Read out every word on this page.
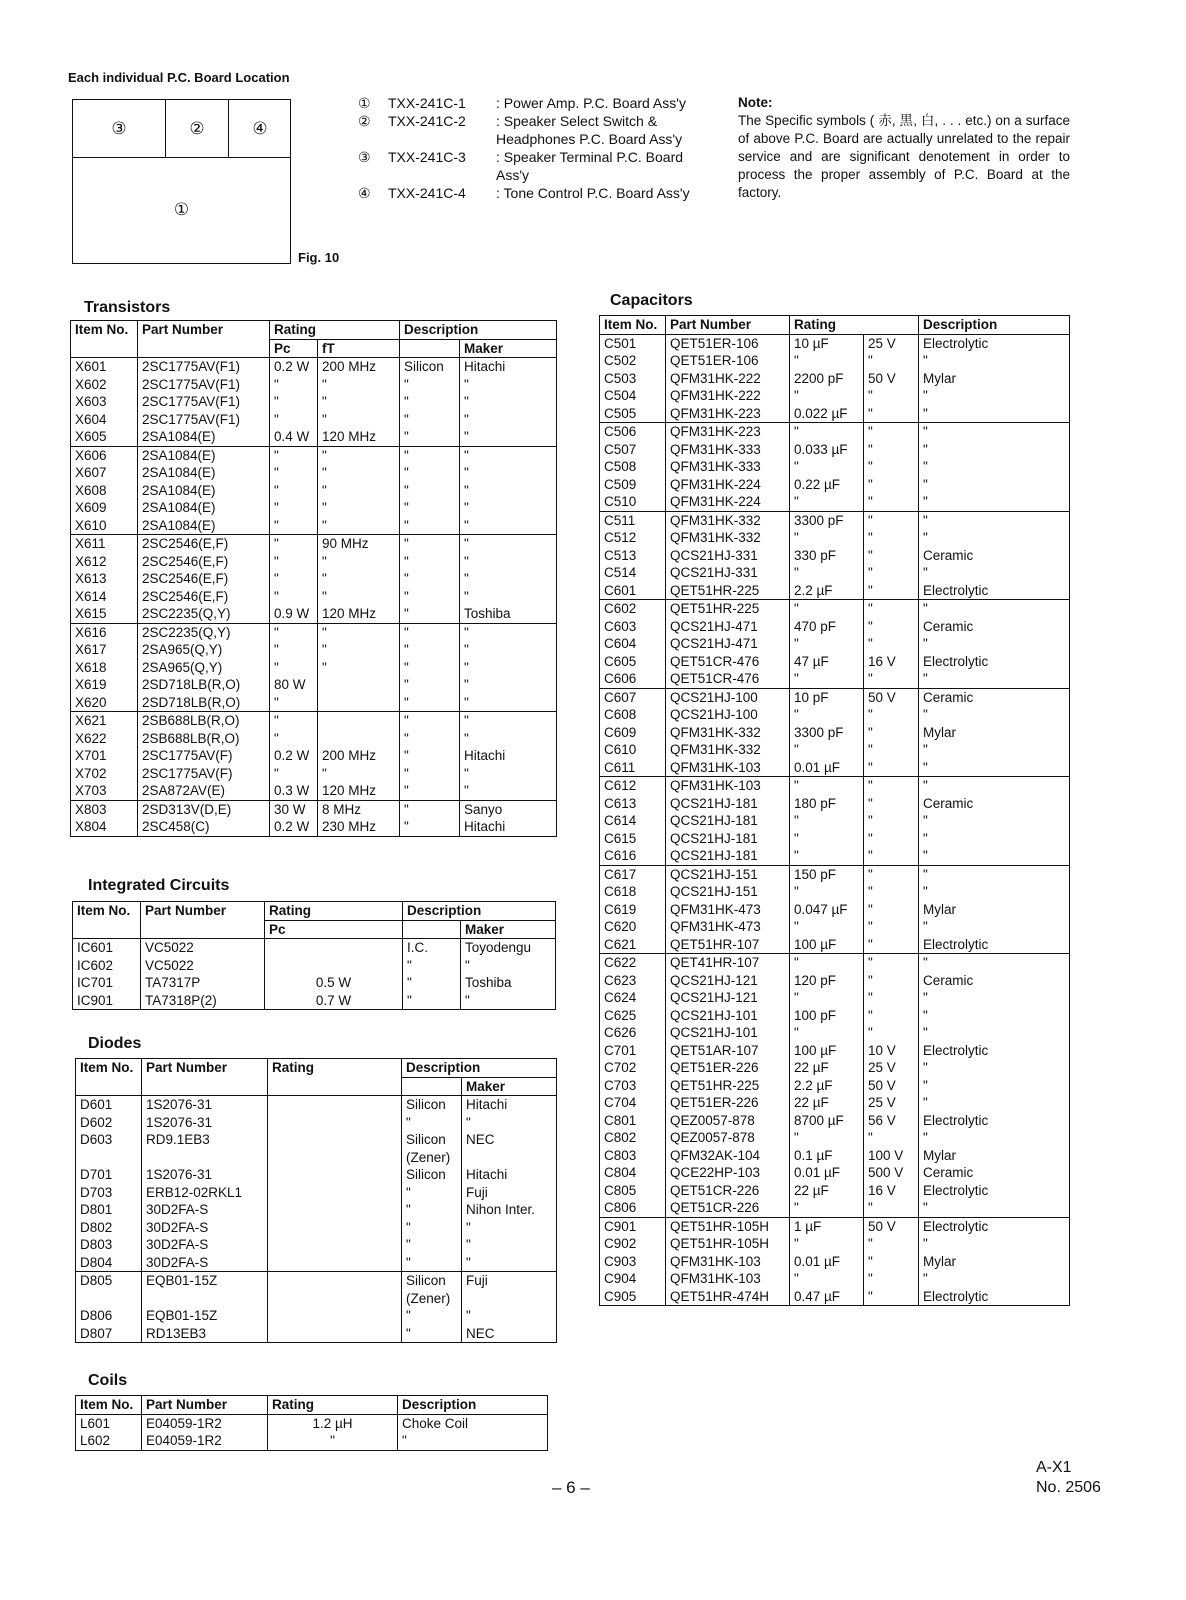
Each individual P.C. Board Location
③	②	④
①
Fig. 10
①	TXX-241C-1	: Power Amp. P.C. Board Ass'y
②	TXX-241C-2	: Speaker Select Switch & Headphones P.C. Board Ass'y
③	TXX-241C-3	: Speaker Terminal P.C. Board Ass'y
④	TXX-241C-4	: Tone Control P.C. Board Ass'y
Note:
The Specific symbols ( 赤, 黒, 白, . . . etc.) on a surface of above P.C. Board are actually unrelated to the repair service and are significant denotement in order to process the proper assembly of P.C. Board at the factory.
Transistors
Item No.	Part Number	Rating		Description	
		Pc	fT		Maker
X601	2SC1775AV(F1)	0.2 W	200 MHz	Silicon	Hitachi
X602	2SC1775AV(F1)	"	"	"	"
X603	2SC1775AV(F1)	"	"	"	"
X604	2SC1775AV(F1)	"	"	"	"
X605	2SA1084(E)	0.4 W	120 MHz	"	"
X606	2SA1084(E)	"	"	"	"
X607	2SA1084(E)	"	"	"	"
X608	2SA1084(E)	"	"	"	"
X609	2SA1084(E)	"	"	"	"
X610	2SA1084(E)	"	"	"	"
X611	2SC2546(E,F)	"	90 MHz	"	"
X612	2SC2546(E,F)	"	"	"	"
X613	2SC2546(E,F)	"	"	"	"
X614	2SC2546(E,F)	"	"	"	"
X615	2SC2235(Q,Y)	0.9 W	120 MHz	"	Toshiba
X616	2SC2235(Q,Y)	"	"	"	"
X617	2SA965(Q,Y)	"	"	"	"
X618	2SA965(Q,Y)	"	"	"	"
X619	2SD718LB(R,O)	80 W		"	"
X620	2SD718LB(R,O)	"		"	"
X621	2SB688LB(R,O)	"		"	"
X622	2SB688LB(R,O)	"		"	"
X701	2SC1775AV(F)	0.2 W	200 MHz	"	Hitachi
X702	2SC1775AV(F)	"	"	"	"
X703	2SA872AV(E)	0.3 W	120 MHz	"	"
X803	2SD313V(D,E)	30 W	8 MHz	"	Sanyo
X804	2SC458(C)	0.2 W	230 MHz	"	Hitachi
Integrated Circuits
Item No.	Part Number	Rating	Description	
		Pc		Maker
IC601	VC5022		I.C.	Toyodengu
IC602	VC5022		"	"
IC701	TA7317P	0.5 W	"	Toshiba
IC901	TA7318P(2)	0.7 W	"	"
Diodes
Item No.	Part Number	Rating	Description	
				Maker
D601	1S2076-31		Silicon	Hitachi
D602	1S2076-31		"	"
D603	RD9.1EB3		Silicon (Zener)	NEC
D701	1S2076-31		Silicon	Hitachi
D703	ERB12-02RKL1		"	Fuji
D801	30D2FA-S		"	Nihon Inter.
D802	30D2FA-S		"	"
D803	30D2FA-S		"	"
D804	30D2FA-S		"	"
D805	EQB01-15Z		Silicon (Zener)	Fuji
D806	EQB01-15Z		"	"
D807	RD13EB3		"	NEC
Coils
Item No.	Part Number	Rating	Description
L601	E04059-1R2	1.2 µH	Choke Coil
L602	E04059-1R2	"	"
Capacitors
Item No.	Part Number	Rating		Description
C501	QET51ER-106	10 µF	25 V	Electrolytic
C502	QET51ER-106	"	"	"
C503	QFM31HK-222	2200 pF	50 V	Mylar
C504	QFM31HK-222	"	"	"
C505	QFM31HK-223	0.022 µF	"	"
C506	QFM31HK-223	"	"	"
C507	QFM31HK-333	0.033 µF	"	"
C508	QFM31HK-333	"	"	"
C509	QFM31HK-224	0.22 µF	"	"
C510	QFM31HK-224	"	"	"
C511	QFM31HK-332	3300 pF	"	"
C512	QFM31HK-332	"	"	"
C513	QCS21HJ-331	330 pF	"	Ceramic
C514	QCS21HJ-331	"	"	"
C601	QET51HR-225	2.2 µF	"	Electrolytic
C602	QET51HR-225	"	"	"
C603	QCS21HJ-471	470 pF	"	Ceramic
C604	QCS21HJ-471	"	"	"
C605	QET51CR-476	47 µF	16 V	Electrolytic
C606	QET51CR-476	"	"	"
C607	QCS21HJ-100	10 pF	50 V	Ceramic
C608	QCS21HJ-100	"	"	"
C609	QFM31HK-332	3300 pF	"	Mylar
C610	QFM31HK-332	"	"	"
C611	QFM31HK-103	0.01 µF	"	"
C612	QFM31HK-103	"	"	"
C613	QCS21HJ-181	180 pF	"	Ceramic
C614	QCS21HJ-181	"	"	"
C615	QCS21HJ-181	"	"	"
C616	QCS21HJ-181	"	"	"
C617	QCS21HJ-151	150 pF	"	"
C618	QCS21HJ-151	"	"	"
C619	QFM31HK-473	0.047 µF	"	Mylar
C620	QFM31HK-473	"	"	"
C621	QET51HR-107	100 µF	"	Electrolytic
C622	QET41HR-107	"	"	"
C623	QCS21HJ-121	120 pF	"	Ceramic
C624	QCS21HJ-121	"	"	"
C625	QCS21HJ-101	100 pF	"	"
C626	QCS21HJ-101	"	"	"
C701	QET51AR-107	100 µF	10 V	Electrolytic
C702	QET51ER-226	22 µF	25 V	"
C703	QET51HR-225	2.2 µF	50 V	"
C704	QET51ER-226	22 µF	25 V	"
C801	QEZ0057-878	8700 µF	56 V	Electrolytic
C802	QEZ0057-878	"	"	"
C803	QFM32AK-104	0.1 µF	100 V	Mylar
C804	QCE22HP-103	0.01 µF	500 V	Ceramic
C805	QET51CR-226	22 µF	16 V	Electrolytic
C806	QET51CR-226	"	"	"
C901	QET51HR-105H	1 µF	50 V	Electrolytic
C902	QET51HR-105H	"	"	"
C903	QFM31HK-103	0.01 µF	"	Mylar
C904	QFM31HK-103	"	"	"
C905	QET51HR-474H	0.47 µF	"	Electrolytic
– 6 –
A-X1
No. 2506
